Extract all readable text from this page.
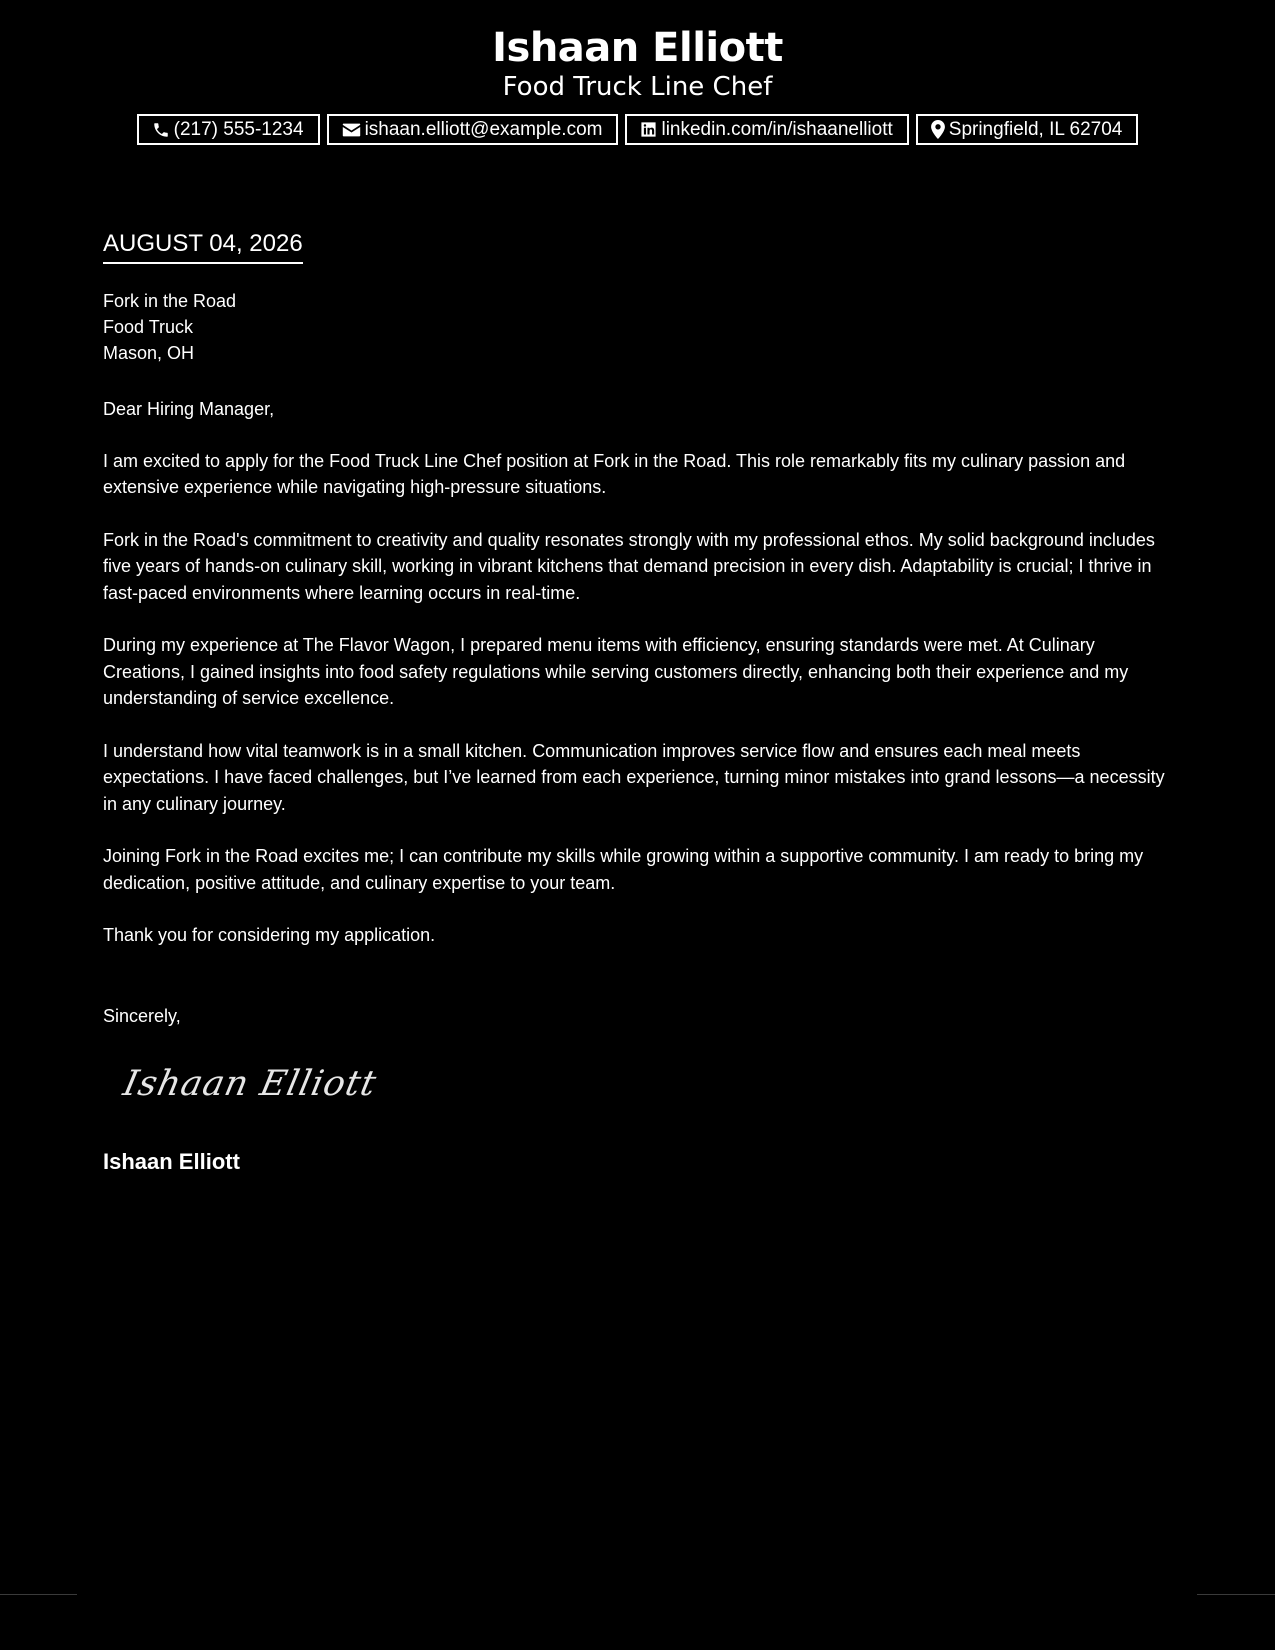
Ishaan Elliott
Food Truck Line Chef
(217) 555-1234	ishaan.elliott@example.com	linkedin.com/in/ishaanelliott	Springfield, IL 62704
AUGUST 04, 2026
Fork in the Road
Food Truck
Mason, OH

Dear Hiring Manager,

I am excited to apply for the Food Truck Line Chef position at Fork in the Road. This role remarkably fits my culinary passion and extensive experience while navigating high-pressure situations.

Fork in the Road's commitment to creativity and quality resonates strongly with my professional ethos. My solid background includes five years of hands-on culinary skill, working in vibrant kitchens that demand precision in every dish. Adaptability is crucial; I thrive in fast-paced environments where learning occurs in real-time.

During my experience at The Flavor Wagon, I prepared menu items with efficiency, ensuring standards were met. At Culinary Creations, I gained insights into food safety regulations while serving customers directly, enhancing both their experience and my understanding of service excellence.

I understand how vital teamwork is in a small kitchen. Communication improves service flow and ensures each meal meets expectations. I have faced challenges, but I’ve learned from each experience, turning minor mistakes into grand lessons—a necessity in any culinary journey.

Joining Fork in the Road excites me; I can contribute my skills while growing within a supportive community. I am ready to bring my dedication, positive attitude, and culinary expertise to your team.

Thank you for considering my application.

Sincerely,
Ishaan Elliott
Ishaan Elliott
